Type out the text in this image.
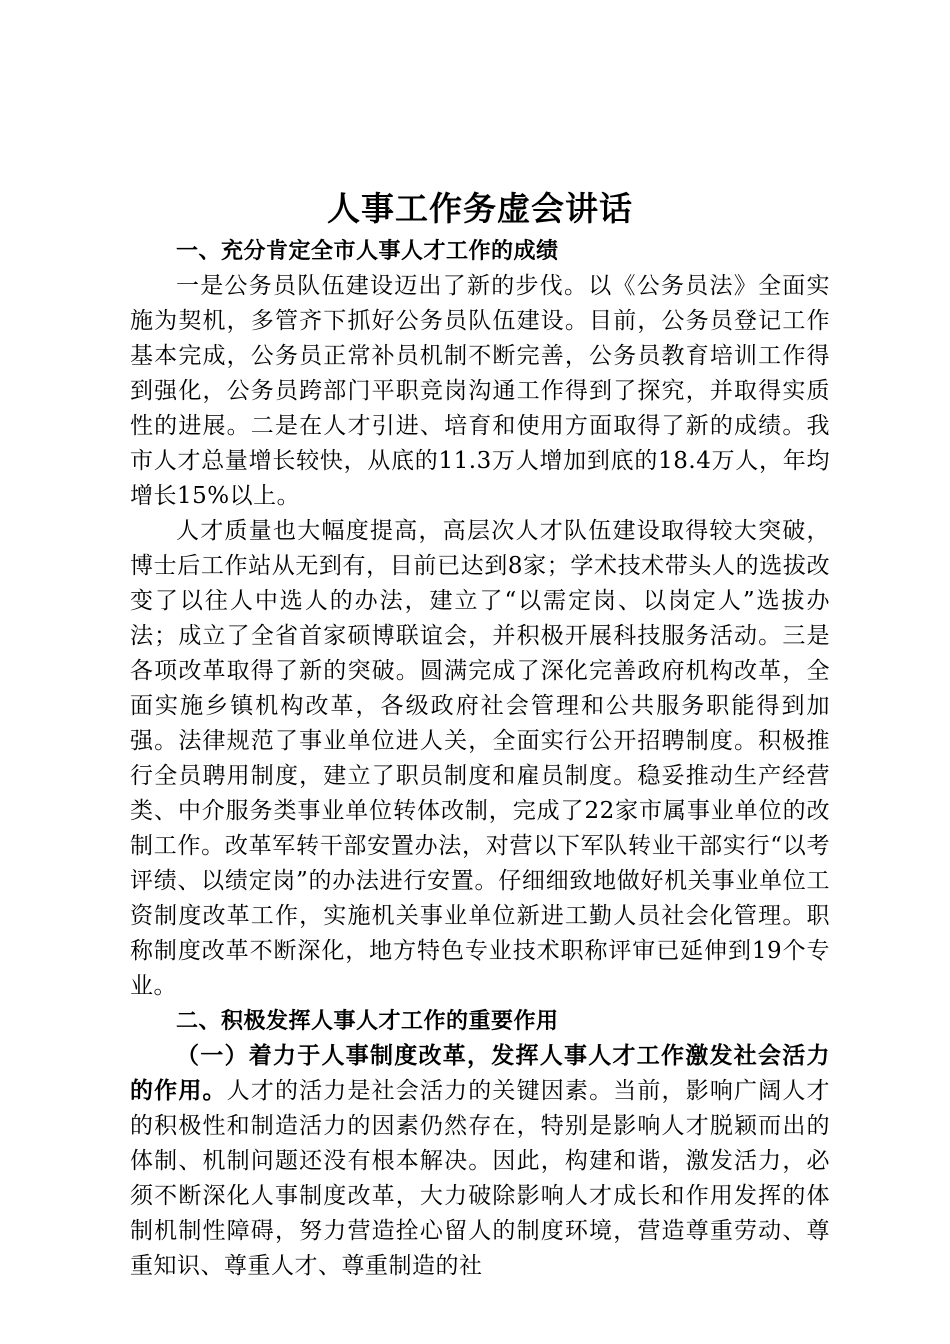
人事工作务虚会讲话

一、充分肯定全市人事人才工作的成绩

一是公务员队伍建设迈出了新的步伐。以《公务员法》全面实施为契机，多管齐下抓好公务员队伍建设。目前，公务员登记工作基本完成，公务员正常补员机制不断完善，公务员教育培训工作得到强化，公务员跨部门平职竞岗沟通工作得到了探究，并取得实质性的进展。二是在人才引进、培育和使用方面取得了新的成绩。我市人才总量增长较快，从底的11.3万人增加到底的18.4万人，年均增长15%以上。

人才质量也大幅度提高，高层次人才队伍建设取得较大突破，博士后工作站从无到有，目前已达到8家；学术技术带头人的选拔改变了以往人中选人的办法，建立了“以需定岗、以岗定人”选拔办法；成立了全省首家硕博联谊会，并积极开展科技服务活动。三是各项改革取得了新的突破。圆满完成了深化完善政府机构改革，全面实施乡镇机构改革，各级政府社会管理和公共服务职能得到加强。法律规范了事业单位进人关，全面实行公开招聘制度。积极推行全员聘用制度，建立了职员制度和雇员制度。稳妥推动生产经营类、中介服务类事业单位转体改制，完成了22家市属事业单位的改制工作。改革军转干部安置办法，对营以下军队转业干部实行“以考评绩、以绩定岗”的办法进行安置。仔细细致地做好机关事业单位工资制度改革工作，实施机关事业单位新进工勤人员社会化管理。职称制度改革不断深化，地方特色专业技术职称评审已延伸到19个专业。

二、积极发挥人事人才工作的重要作用

（一）着力于人事制度改革，发挥人事人才工作激发社会活力的作用。人才的活力是社会活力的关键因素。当前，影响广阔人才的积极性和制造活力的因素仍然存在，特别是影响人才脱颖而出的体制、机制问题还没有根本解决。因此，构建和谐，激发活力，必须不断深化人事制度改革，大力破除影响人才成长和作用发挥的体制机制性障碍，努力营造拴心留人的制度环境，营造尊重劳动、尊重知识、尊重人才、尊重制造的社
